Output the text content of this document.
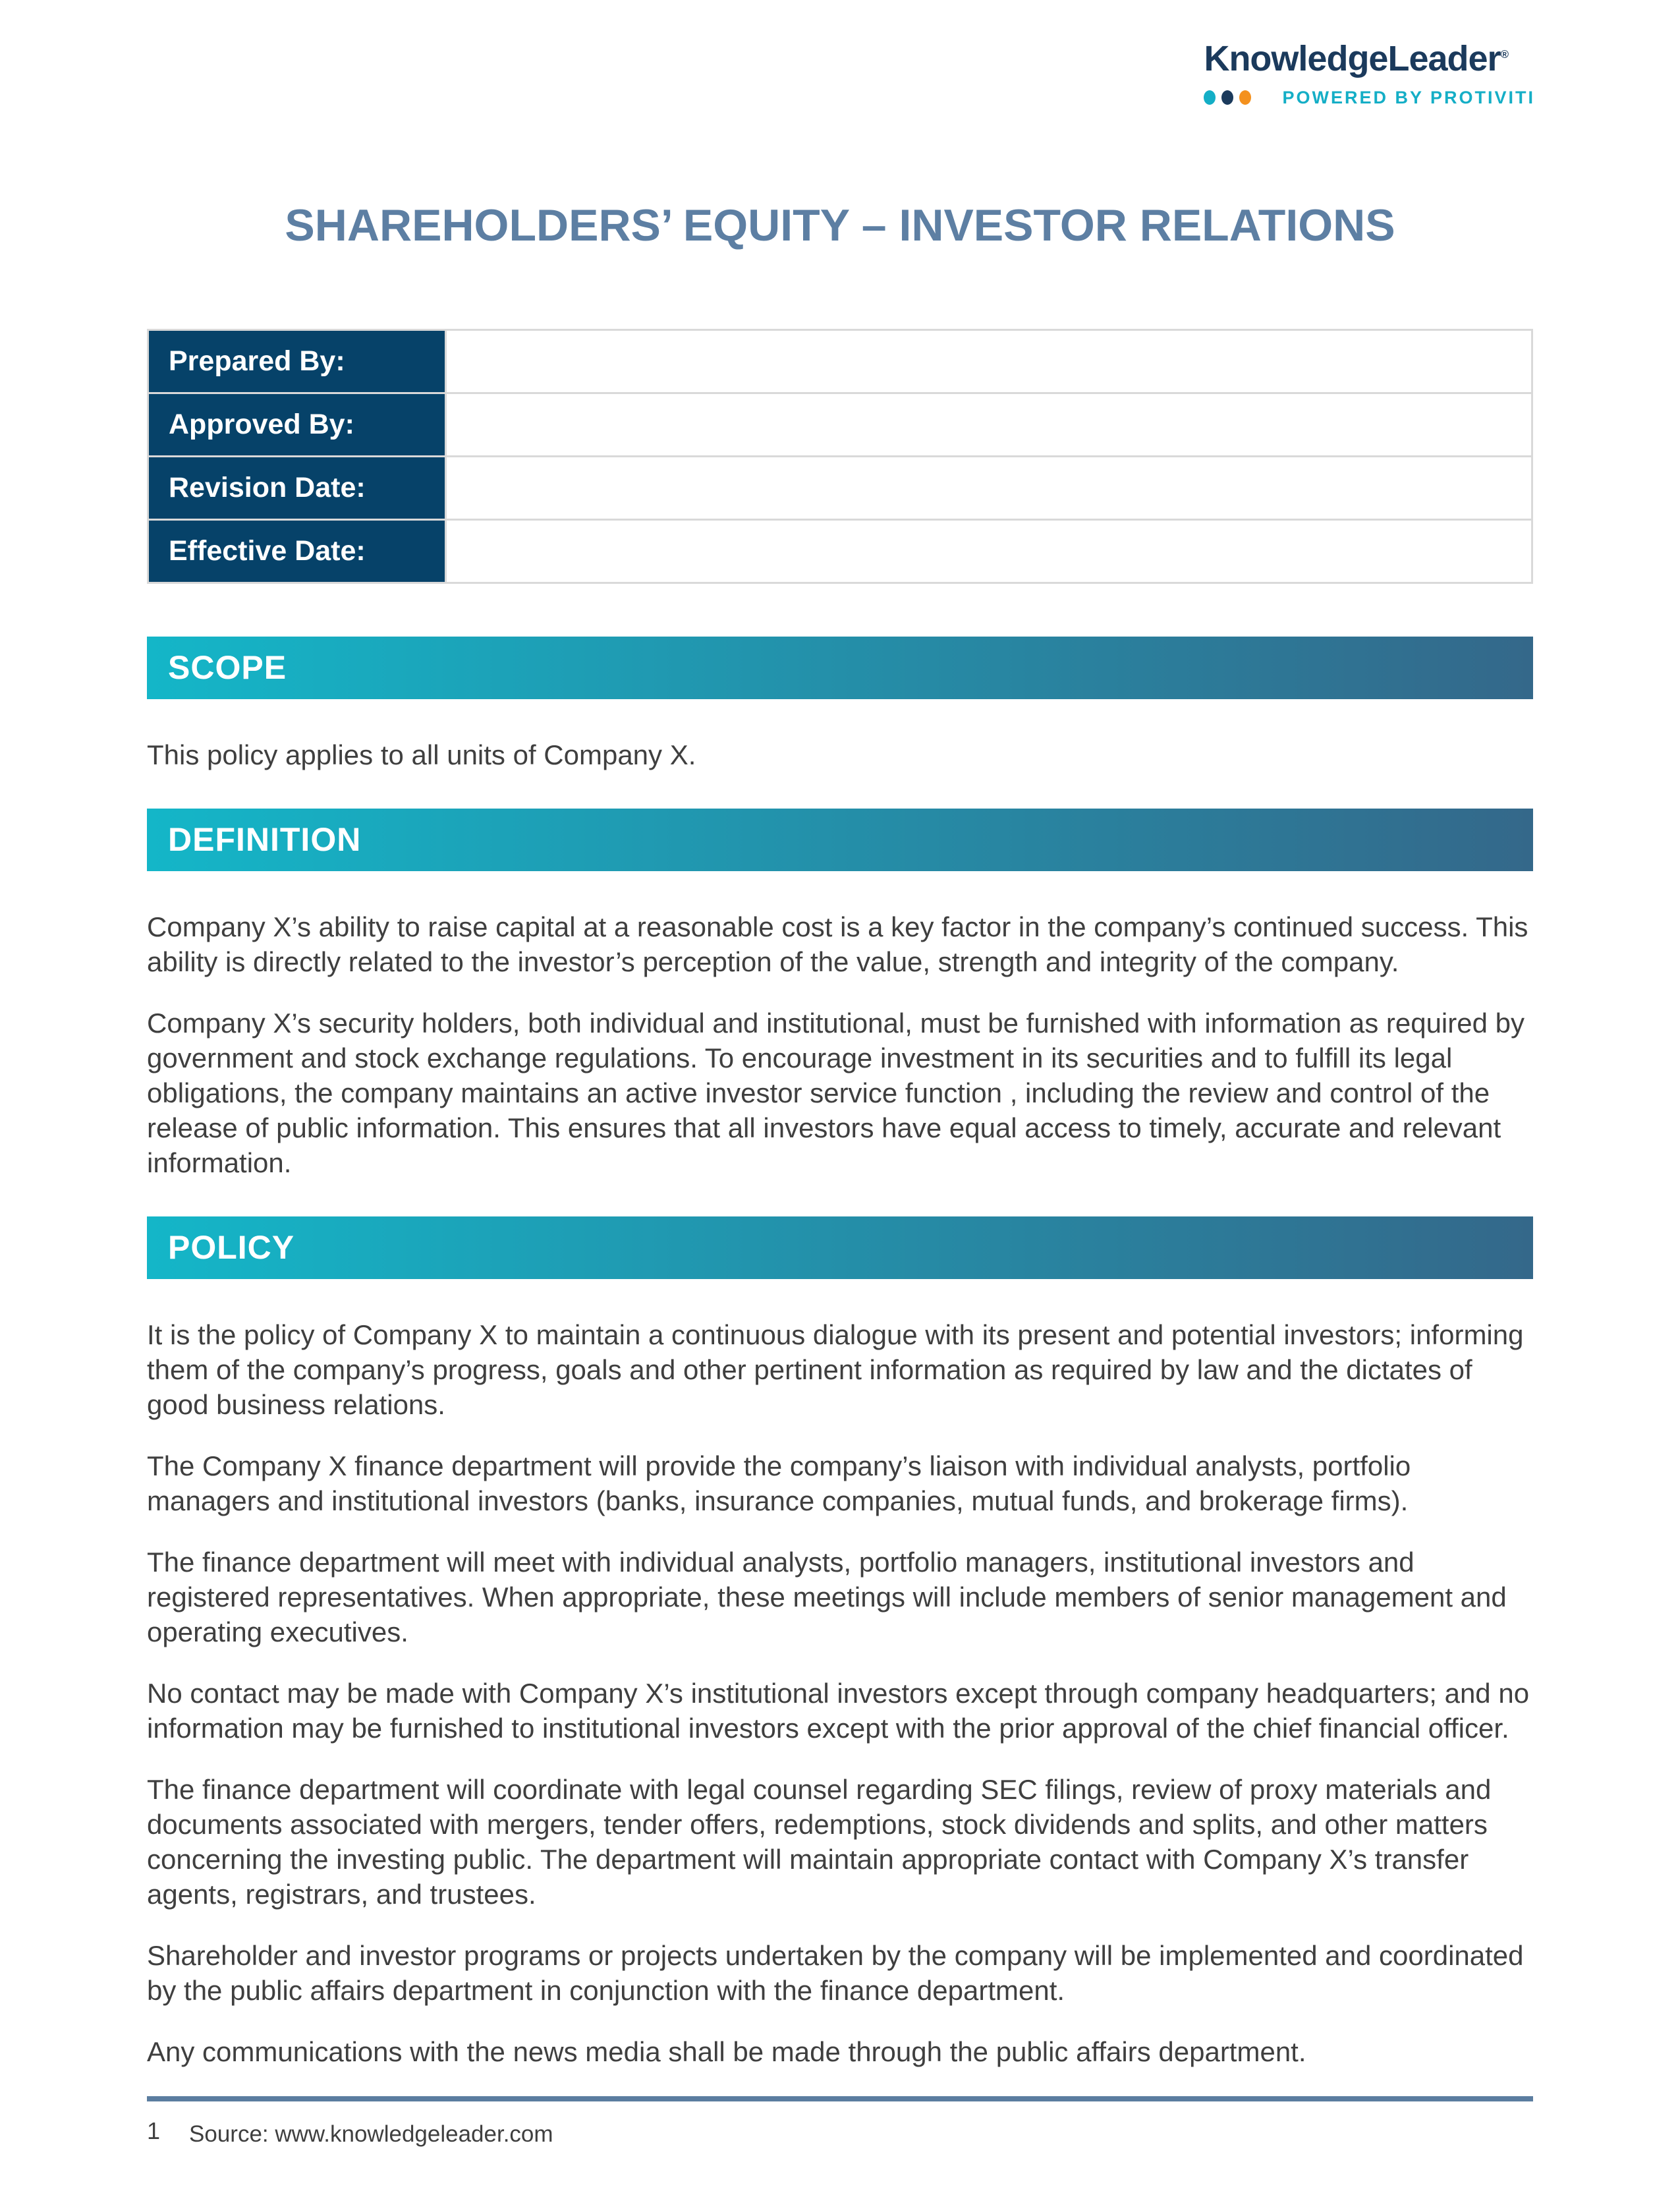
KnowledgeLeader®
POWERED BY PROTIVITI
SHAREHOLDERS’ EQUITY – INVESTOR RELATIONS
Prepared By:	
Approved By:	
Revision Date:	
Effective Date:	
SCOPE

This policy applies to all units of Company X.

DEFINITION

Company X’s ability to raise capital at a reasonable cost is a key factor in the company’s continued success. This ability is directly related to the investor’s perception of the value, strength and integrity of the company.

Company X’s security holders, both individual and institutional, must be furnished with information as required by government and stock exchange regulations. To encourage investment in its securities and to fulfill its legal obligations, the company maintains an active investor service function , including the review and control of the release of public information. This ensures that all investors have equal access to timely, accurate and relevant information.

POLICY

It is the policy of Company X to maintain a continuous dialogue with its present and potential investors; informing them of the company’s progress, goals and other pertinent information as required by law and the dictates of good business relations.

The Company X finance department will provide the company’s liaison with individual analysts, portfolio managers and institutional investors (banks, insurance companies, mutual funds, and brokerage firms).

The finance department will meet with individual analysts, portfolio managers, institutional investors and registered representatives. When appropriate, these meetings will include members of senior management and operating executives.

No contact may be made with Company X’s institutional investors except through company headquarters; and no information may be furnished to institutional investors except with the prior approval of the chief financial officer.

The finance department will coordinate with legal counsel regarding SEC filings, review of proxy materials and documents associated with mergers, tender offers, redemptions, stock dividends and splits, and other matters concerning the investing public. The department will maintain appropriate contact with Company X’s transfer agents, registrars, and trustees.

Shareholder and investor programs or projects undertaken by the company will be implemented and coordinated by the public affairs department in conjunction with the finance department.

Any communications with the news media shall be made through the public affairs department.

1 Source: www.knowledgeleader.com
